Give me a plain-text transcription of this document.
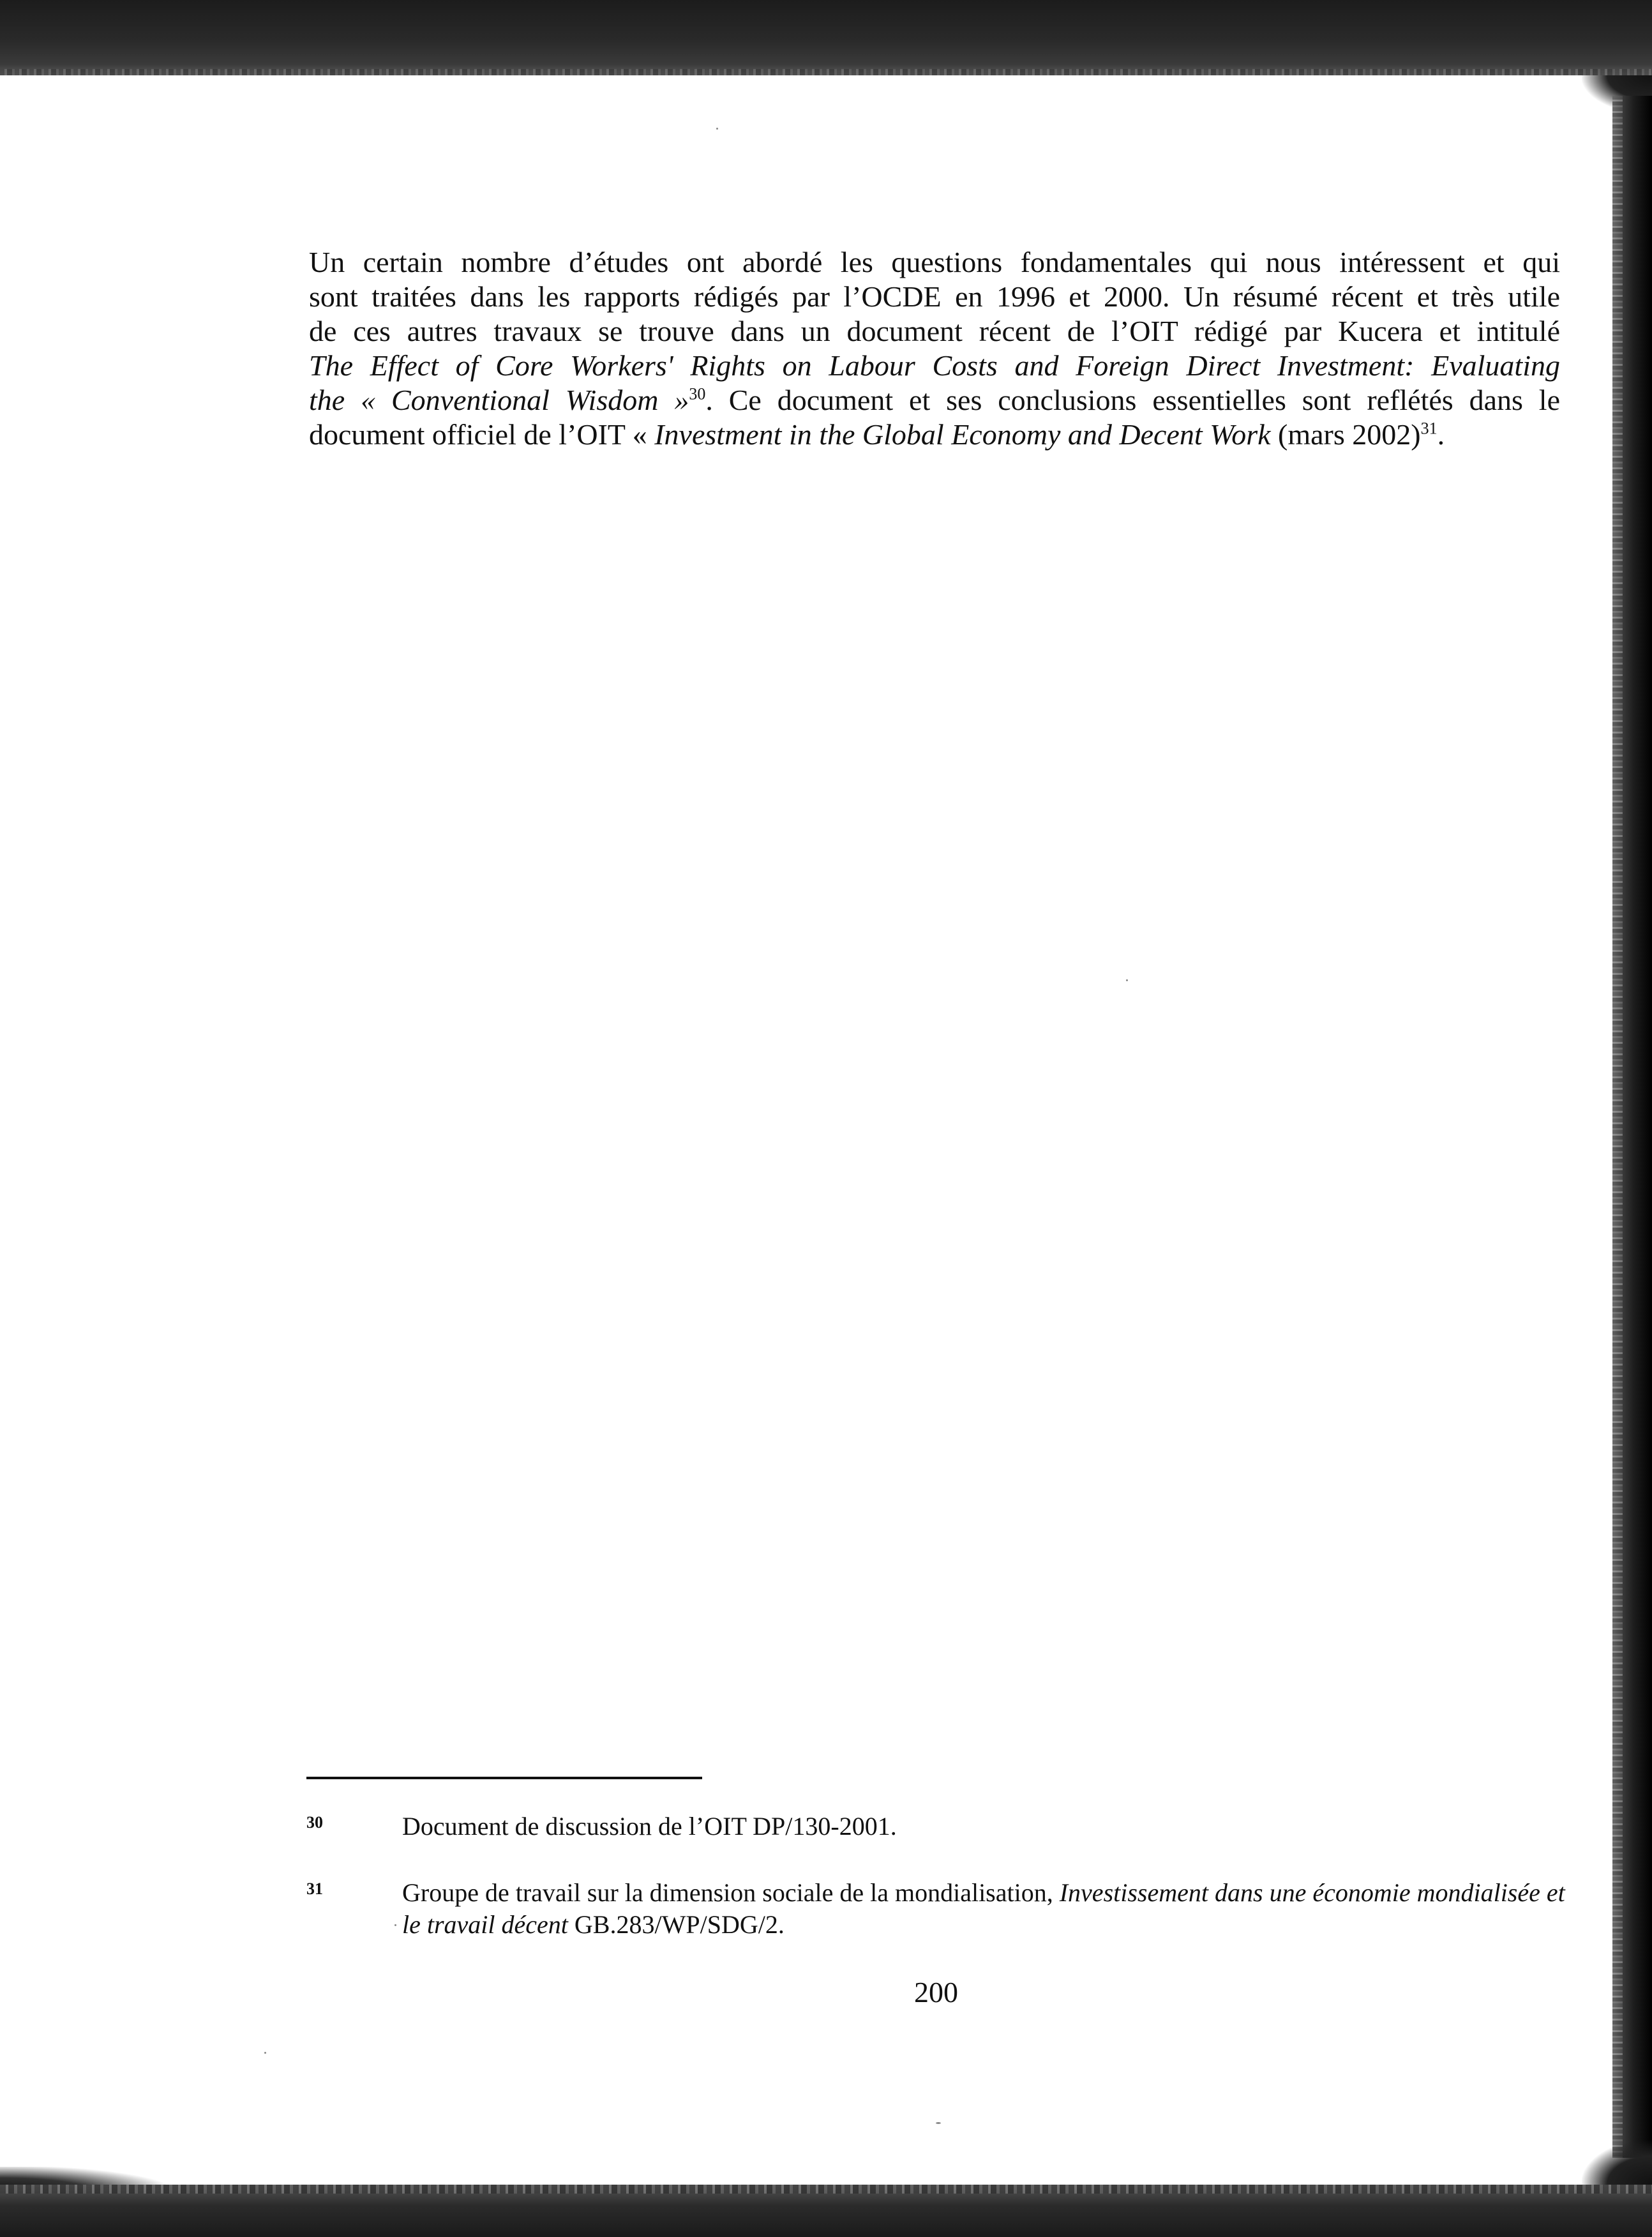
Un certain nombre d’études ont abordé les questions fondamentales qui nous intéressent et qui
sont traitées dans les rapports rédigés par l’OCDE en 1996 et 2000. Un résumé récent et très utile
de ces autres travaux se trouve dans un document récent de l’OIT rédigé par Kucera et intitulé
The Effect of Core Workers' Rights on Labour Costs and Foreign Direct Investment: Evaluating
the « Conventional Wisdom »$^{30}$. Ce document et ses conclusions essentielles sont reflétés dans le
document officiel de l’OIT « Investment in the Global Economy and Decent Work (mars 2002)$^{31}$.
30	Document de discussion de l’OIT DP/130-2001.
31	Groupe de travail sur la dimension sociale de la mondialisation, Investissement dans une économie mondialisée et le travail décent GB.283/WP/SDG/2.
200
